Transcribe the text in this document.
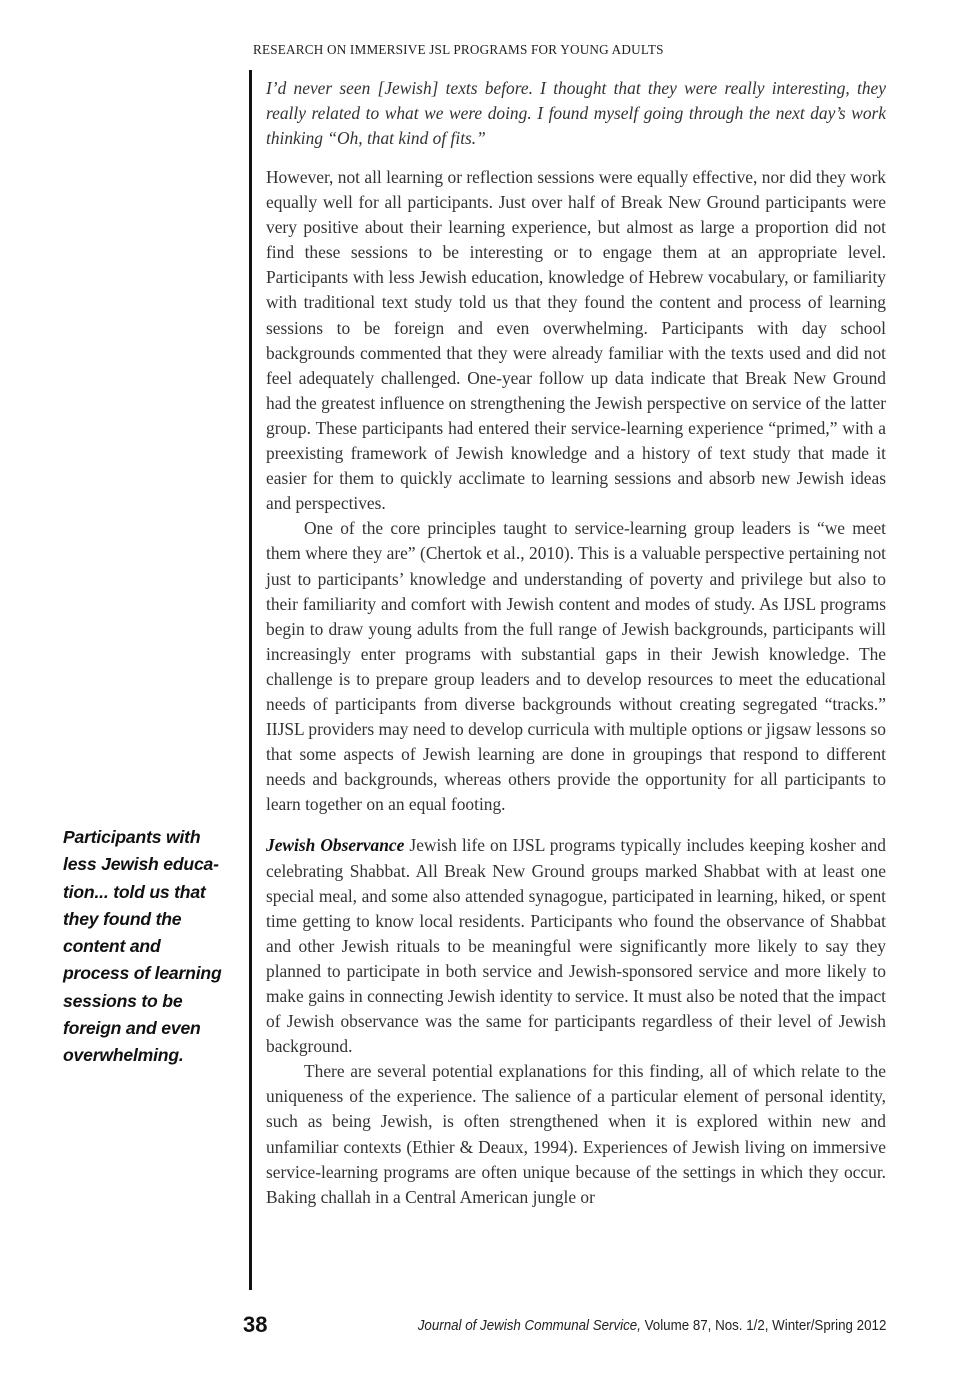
RESEARCH ON IMMERSIVE JSL PROGRAMS FOR YOUNG ADULTS
I’d never seen [Jewish] texts before. I thought that they were really interesting, they really related to what we were doing. I found myself going through the next day’s work thinking “Oh, that kind of fits.”

However, not all learning or reflection sessions were equally effective, nor did they work equally well for all participants. Just over half of Break New Ground participants were very positive about their learning experience, but almost as large a proportion did not find these sessions to be interesting or to engage them at an appropriate level. Participants with less Jewish education, knowledge of Hebrew vocabulary, or familiarity with traditional text study told us that they found the content and process of learning sessions to be foreign and even overwhelming. Participants with day school backgrounds commented that they were already familiar with the texts used and did not feel adequately challenged. One-year follow up data indicate that Break New Ground had the greatest influence on strengthening the Jewish perspective on service of the latter group. These participants had entered their service-learning experience “primed,” with a preexisting framework of Jewish knowledge and a history of text study that made it easier for them to quickly acclimate to learning sessions and absorb new Jewish ideas and perspectives.

One of the core principles taught to service-learning group leaders is “we meet them where they are” (Chertok et al., 2010). This is a valuable perspective pertaining not just to participants’ knowledge and understanding of poverty and privilege but also to their familiarity and comfort with Jewish content and modes of study. As IJSL programs begin to draw young adults from the full range of Jewish backgrounds, participants will increasingly enter programs with substantial gaps in their Jewish knowledge. The challenge is to prepare group leaders and to develop resources to meet the educational needs of participants from diverse backgrounds without creating segregated “tracks.” IIJSL providers may need to develop curricula with multiple options or jigsaw lessons so that some aspects of Jewish learning are done in groupings that respond to different needs and backgrounds, whereas others provide the opportunity for all participants to learn together on an equal footing.

Jewish Observance Jewish life on IJSL programs typically includes keeping kosher and celebrating Shabbat. All Break New Ground groups marked Shabbat with at least one special meal, and some also attended synagogue, participated in learning, hiked, or spent time getting to know local residents. Participants who found the observance of Shabbat and other Jewish rituals to be meaningful were significantly more likely to say they planned to participate in both service and Jewish-sponsored service and more likely to make gains in connecting Jewish identity to service. It must also be noted that the impact of Jewish observance was the same for participants regardless of their level of Jewish background.

There are several potential explanations for this finding, all of which relate to the uniqueness of the experience. The salience of a particular element of personal identity, such as being Jewish, is often strengthened when it is explored within new and unfamiliar contexts (Ethier & Deaux, 1994). Experiences of Jewish living on immersive service-learning programs are often unique because of the settings in which they occur. Baking challah in a Central American jungle or

Participants with less Jewish education... told us that they found the content and process of learning sessions to be foreign and even overwhelming.
38	Journal of Jewish Communal Service, Volume 87, Nos. 1/2, Winter/Spring 2012
